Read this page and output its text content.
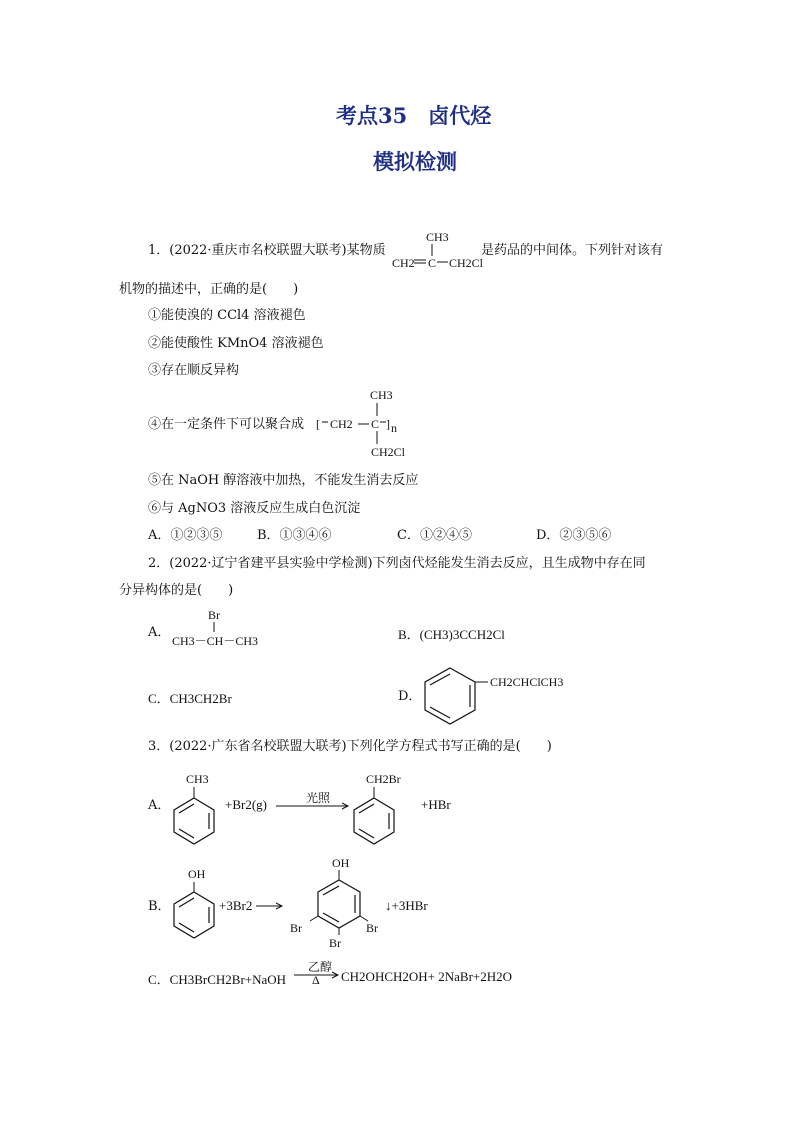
考点35　卤代烃
模拟检测
1．(2022·重庆市名校联盟大联考)某物质
CH3
CH2 C CH2Cl
是药品的中间体。下列针对该有
机物的描述中，正确的是(　　)
①能使溴的 CCl4 溶液褪色
②能使酸性 KMnO4 溶液褪色
③存在顺反异构
④在一定条件下可以聚合成
CH3
[ CH2 C ] n
CH2Cl
⑤在 NaOH 醇溶液中加热，不能发生消去反应
⑥与 AgNO3 溶液反应生成白色沉淀
A．①②③⑤	B．①③④⑥	C．①②④⑤	D．②③⑤⑥
2．(2022·辽宁省建平县实验中学检测)下列卤代烃能发生消去反应，且生成物中存在同
分异构体的是(　　)
A．
Br
CH3－CH－CH3	B．(CH3)3CCH2Cl
C．CH3CH2Br	D．
CH2CHClCH3
3．(2022·广东省名校联盟大联考)下列化学方程式书写正确的是(　　)
A．
CH3
+Br2(g)	光照
CH2Br
+HBr
B．
OH
+3Br2
OH
Br	Br
Br
↓+3HBr
C．CH3BrCH2Br+NaOH
乙醇
Δ CH2OHCH2OH+ 2NaBr+2H2O
